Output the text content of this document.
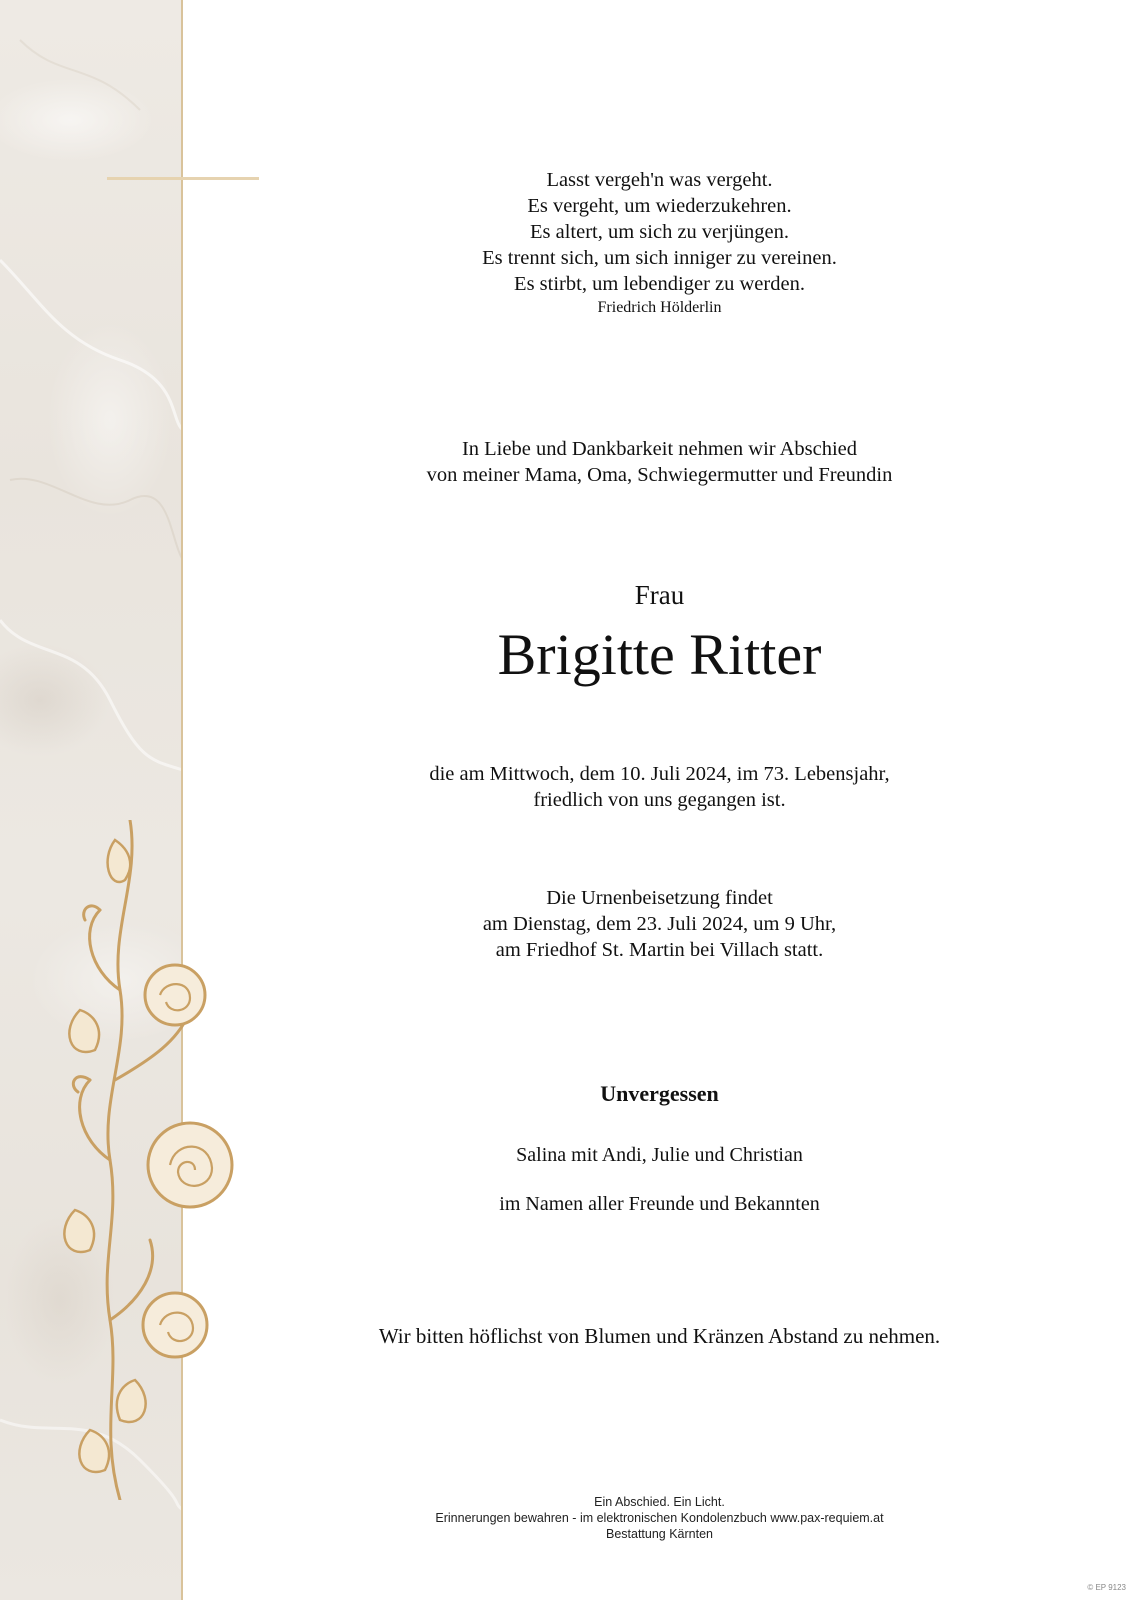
Lasst vergeh'n was vergeht.
Es vergeht, um wiederzukehren.
Es altert, um sich zu verjüngen.
Es trennt sich, um sich inniger zu vereinen.
Es stirbt, um lebendiger zu werden.
Friedrich Hölderlin
In Liebe und Dankbarkeit nehmen wir Abschied
von meiner Mama, Oma, Schwiegermutter und Freundin
Frau
Brigitte Ritter
die am Mittwoch, dem 10. Juli 2024, im 73. Lebensjahr,
friedlich von uns gegangen ist.
Die Urnenbeisetzung findet
am Dienstag, dem 23. Juli 2024, um 9 Uhr,
am Friedhof St. Martin bei Villach statt.
Unvergessen
Salina mit Andi, Julie und Christian
im Namen aller Freunde und Bekannten
Wir bitten höflichst von Blumen und Kränzen Abstand zu nehmen.
Ein Abschied. Ein Licht.
Erinnerungen bewahren - im elektronischen Kondolenzbuch www.pax-requiem.at
Bestattung Kärnten
© EP 9123
